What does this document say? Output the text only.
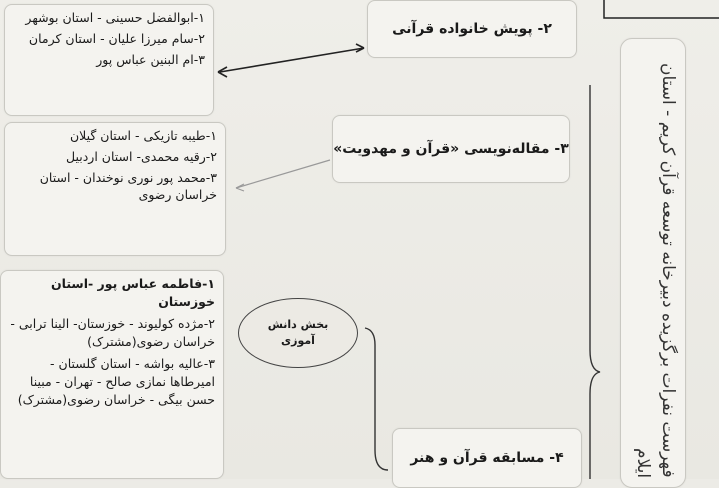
۲- پویش خانواده قرآنی
۱-ابوالفضل حسینی - استان بوشهر
۲-سام میرزا علیان - استان کرمان
۳-ام البنین عباس پور
۳- مقاله‌نویسی «قرآن و مهدویت»
۱-طیبه تازیکی - استان گیلان
۲-رقیه محمدی- استان اردبیل
۳-محمد پور نوری نوخندان - استان خراسان رضوی
۱-فاطمه عباس پور -استان خوزستان
۲-مژده کولیوند - خوزستان- الینا ترابی - خراسان رضوی(مشترک)
۳-عالیه بواشه - استان گلستان - امیرطاها نمازی صالح - تهران - مبینا حسن بیگی - خراسان رضوی(مشترک)
بخش دانش آموزی
۴- مسابقه قرآن و هنر	فهرست نفرات برگزیده دبیرخانه توسعه قرآن کریم - استان ایلام
